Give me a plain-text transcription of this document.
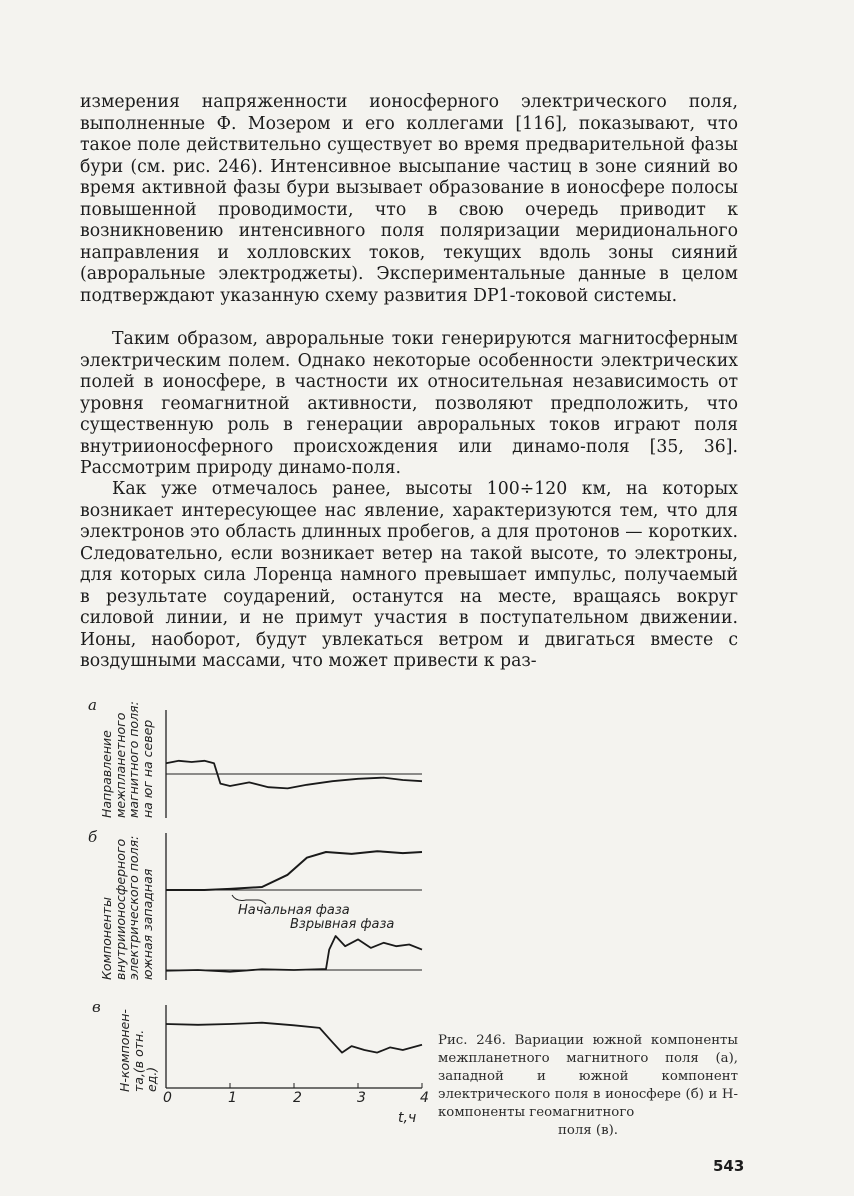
измерения напряженности ионосферного электрического поля, выполненные Ф. Мозером и его коллегами [116], показывают, что такое поле действительно существует во время предварительной фазы бури (см. рис. 246). Интенсивное высыпание частиц в зоне сияний во время активной фазы бури вызывает образование в ионосфере полосы повышенной проводимости, что в свою очередь приводит к возникновению интенсивного поля поляризации меридионального направления и холловских токов, текущих вдоль зоны сияний (авроральные электроджеты). Экспериментальные данные в целом подтверждают указанную схему развития DP1-токовой системы.

Таким образом, авроральные токи генерируются магнитосферным электрическим полем. Однако некоторые особенности электрических полей в ионосфере, в частности их относительная независимость от уровня геомагнитной активности, позволяют предположить, что существенную роль в генерации авроральных токов играют поля внутриионосферного происхождения или динамо-поля [35, 36]. Рассмотрим природу динамо-поля.

Как уже отмечалось ранее, высоты 100÷120 км, на которых возникает интересующее нас явление, характеризуются тем, что для электронов это область длинных пробегов, а для протонов — коротких. Следовательно, если возникает ветер на такой высоте, то электроны, для которых сила Лоренца намного превышает импульс, получаемый в результате соударений, останутся на месте, вращаясь вокруг силовой линии, и не примут участия в поступательном движении. Ионы, наоборот, будут увлекаться ветром и двигаться вместе с воздушными массами, что может привести к раз-

а
б
в
Направление
межпланетного
магнитного поля:
на юг на север
Компоненты
внутриионосферного
электрического поля:
южная западная
H-компонен-
та,(в отн.
ед.)
Начальная фаза
Взрывная фаза
0	1	2	3	4
t,ч
Рис. 246. Вариации южной компоненты межпланетного магнитного поля (а), западной и южной компонент электрического поля в ионосфере (б) и H-компоненты геомагнитного
поля (в).
543
